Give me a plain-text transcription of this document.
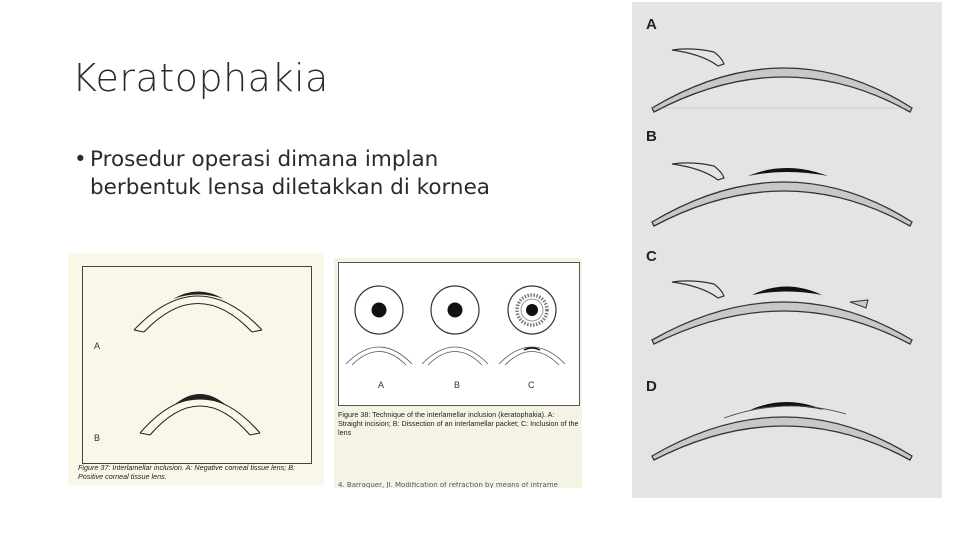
Keratophakia
• Prosedur operasi dimana implan berbentuk lensa diletakkan di kornea
A
B
Figure 37: Interlamellar inclusion. A: Negative corneal tissue lens; B: Positive corneal tissue lens.
A	B	C
Figure 38: Technique of the interlamellar inclusion (keratophakia). A: Straight incision; B: Dissection of an interlamellar packet; C: Inclusion of the lens
4. Barraquer, JI. Modification of refraction by means of intrame
A
B
C
D
